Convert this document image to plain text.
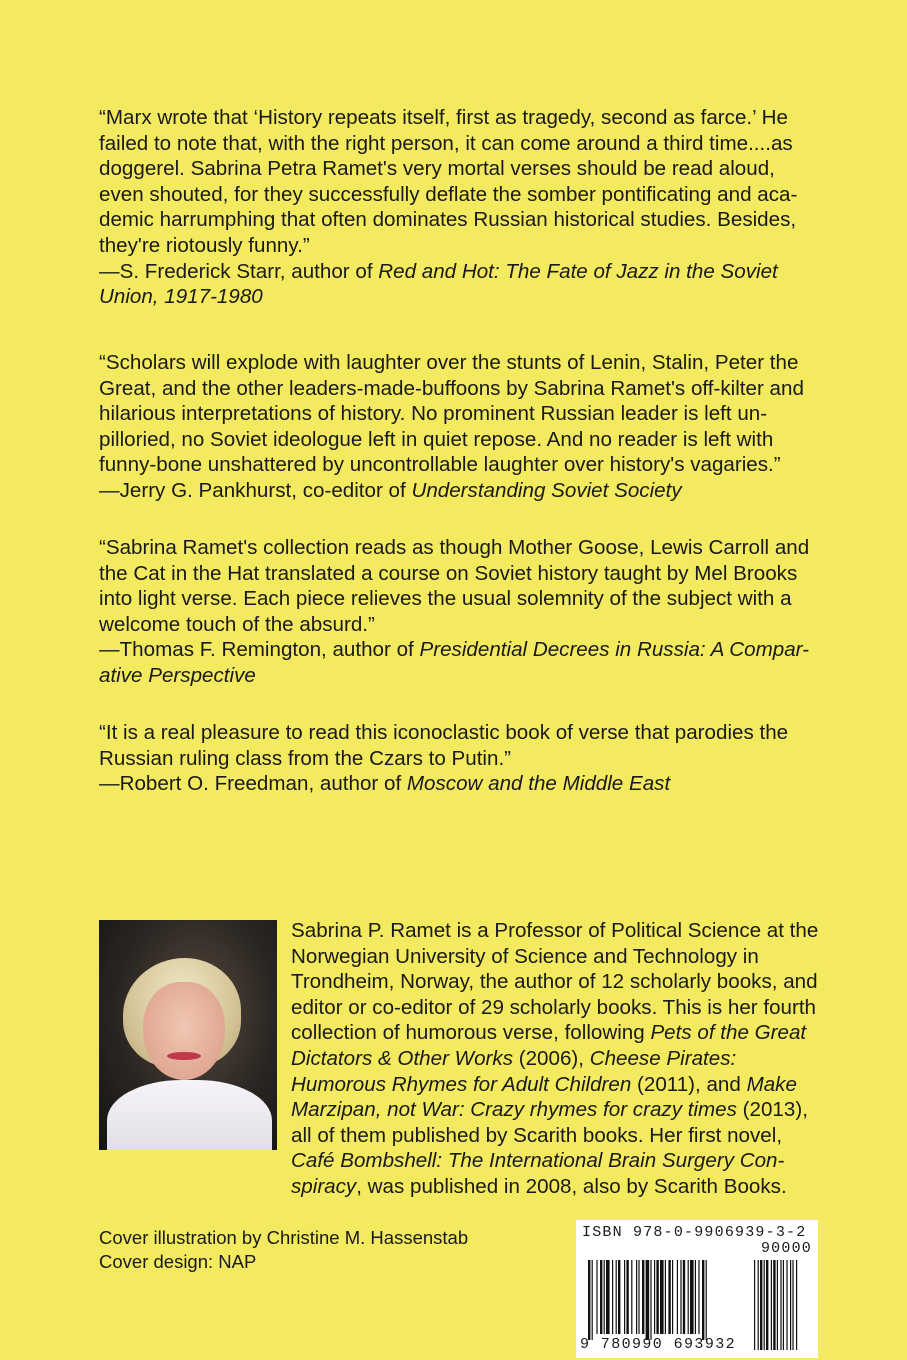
“Marx wrote that ‘History repeats itself, first as tragedy, second as farce.’ He failed to note that, with the right person, it can come around a third time....as doggerel. Sabrina Petra Ramet's very mortal verses should be read aloud, even shouted, for they successfully deflate the somber pontificating and aca-demic harrumphing that often dominates Russian historical studies. Besides, they're riotously funny.”

—S. Frederick Starr, author of Red and Hot: The Fate of Jazz in the Soviet Union, 1917-1980

“Scholars will explode with laughter over the stunts of Lenin, Stalin, Peter the Great, and the other leaders-made-buffoons by Sabrina Ramet's off-kilter and hilarious interpretations of history. No prominent Russian leader is left un-pilloried, no Soviet ideologue left in quiet repose. And no reader is left with funny-bone unshattered by uncontrollable laughter over history's vagaries.”

—Jerry G. Pankhurst, co-editor of Understanding Soviet Society

“Sabrina Ramet's collection reads as though Mother Goose, Lewis Carroll and the Cat in the Hat translated a course on Soviet history taught by Mel Brooks into light verse. Each piece relieves the usual solemnity of the subject with a welcome touch of the absurd.”

—Thomas F. Remington, author of Presidential Decrees in Russia: A Compar-ative Perspective

“It is a real pleasure to read this iconoclastic book of verse that parodies the Russian ruling class from the Czars to Putin.”

—Robert O. Freedman, author of Moscow and the Middle East

Sabrina P. Ramet is a Professor of Political Science at the Norwegian University of Science and Technology in Trondheim, Norway, the author of 12 scholarly books, and editor or co-editor of 29 scholarly books. This is her fourth collection of humorous verse, following Pets of the Great Dictators & Other Works (2006), Cheese Pirates: Humorous Rhymes for Adult Children (2011), and Make Marzipan, not War: Crazy rhymes for crazy times (2013), all of them published by Scarith books. Her first novel, Café Bombshell: The International Brain Surgery Con-spiracy, was published in 2008, also by Scarith Books.

Cover illustration by Christine M. Hassenstab
Cover design: NAP
ISBN 978-0-9906939-3-2
90000
9 780990 693932
